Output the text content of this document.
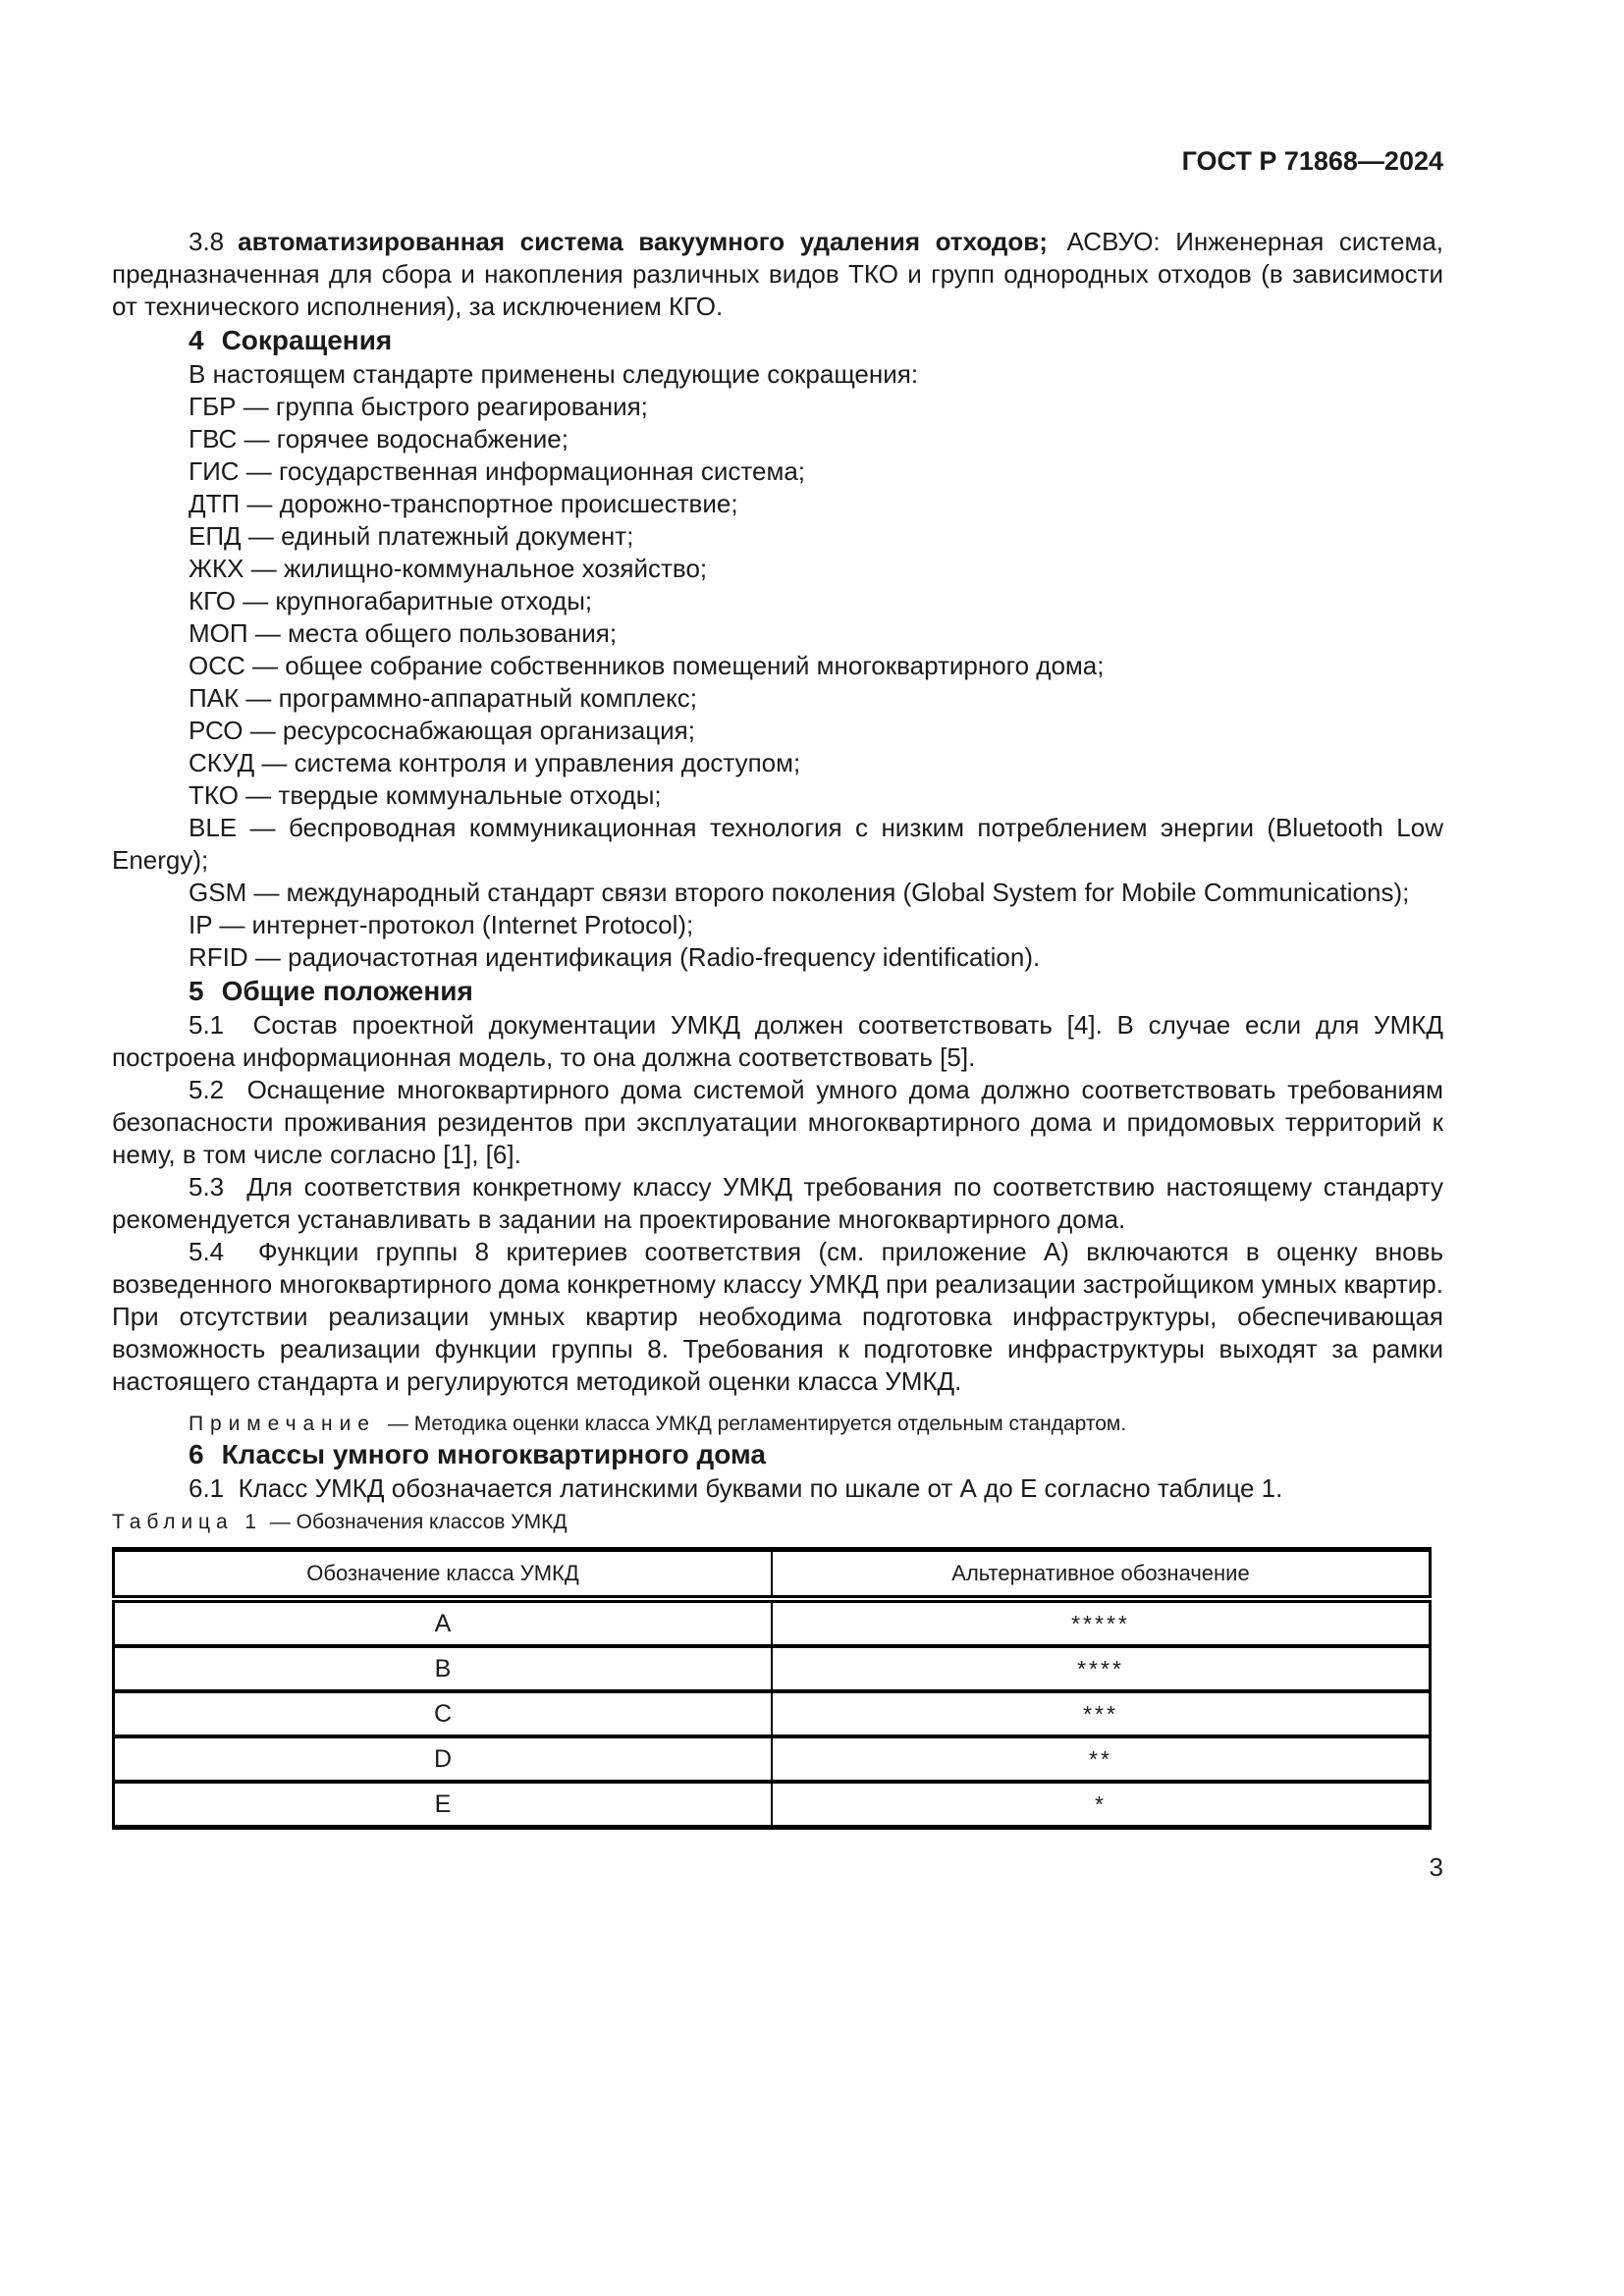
ГОСТ Р 71868—2024

3.8 автоматизированная система вакуумного удаления отходов; АСВУО: Инженерная система, предназначенная для сбора и накопления различных видов ТКО и групп однородных отходов (в зависимости от технического исполнения), за исключением КГО.

4 Сокращения

В настоящем стандарте применены следующие сокращения:

ГБР — группа быстрого реагирования;

ГВС — горячее водоснабжение;

ГИС — государственная информационная система;

ДТП — дорожно-транспортное происшествие;

ЕПД — единый платежный документ;

ЖКХ — жилищно-коммунальное хозяйство;

КГО — крупногабаритные отходы;

МОП — места общего пользования;

ОСС — общее собрание собственников помещений многоквартирного дома;

ПАК — программно-аппаратный комплекс;

РСО — ресурсоснабжающая организация;

СКУД — система контроля и управления доступом;

ТКО — твердые коммунальные отходы;

BLE — беспроводная коммуникационная технология с низким потреблением энергии (Bluetooth Low Energy);

GSM — международный стандарт связи второго поколения (Global System for Mobile Communications);

IP — интернет-протокол (Internet Protocol);

RFID — радиочастотная идентификация (Radio-frequency identification).

5 Общие положения

5.1  Состав проектной документации УМКД должен соответствовать [4]. В случае если для УМКД построена информационная модель, то она должна соответствовать [5].

5.2  Оснащение многоквартирного дома системой умного дома должно соответствовать требованиям безопасности проживания резидентов при эксплуатации многоквартирного дома и придомовых территорий к нему, в том числе согласно [1], [6].

5.3  Для соответствия конкретному классу УМКД требования по соответствию настоящему стандарту рекомендуется устанавливать в задании на проектирование многоквартирного дома.

5.4  Функции группы 8 критериев соответствия (см. приложение А) включаются в оценку вновь возведенного многоквартирного дома конкретному классу УМКД при реализации застройщиком умных квартир. При отсутствии реализации умных квартир необходима подготовка инфраструктуры, обеспечивающая возможность реализации функции группы 8. Требования к подготовке инфраструктуры выходят за рамки настоящего стандарта и регулируются методикой оценки класса УМКД.

Примечание — Методика оценки класса УМКД регламентируется отдельным стандартом.

6 Классы умного многоквартирного дома

6.1  Класс УМКД обозначается латинскими буквами по шкале от А до Е согласно таблице 1.

Таблица 1 — Обозначения классов УМКД

Обозначение класса УМКД	Альтернативное обозначение
A	*****
B	****
C	***
D	**
E	*
3
